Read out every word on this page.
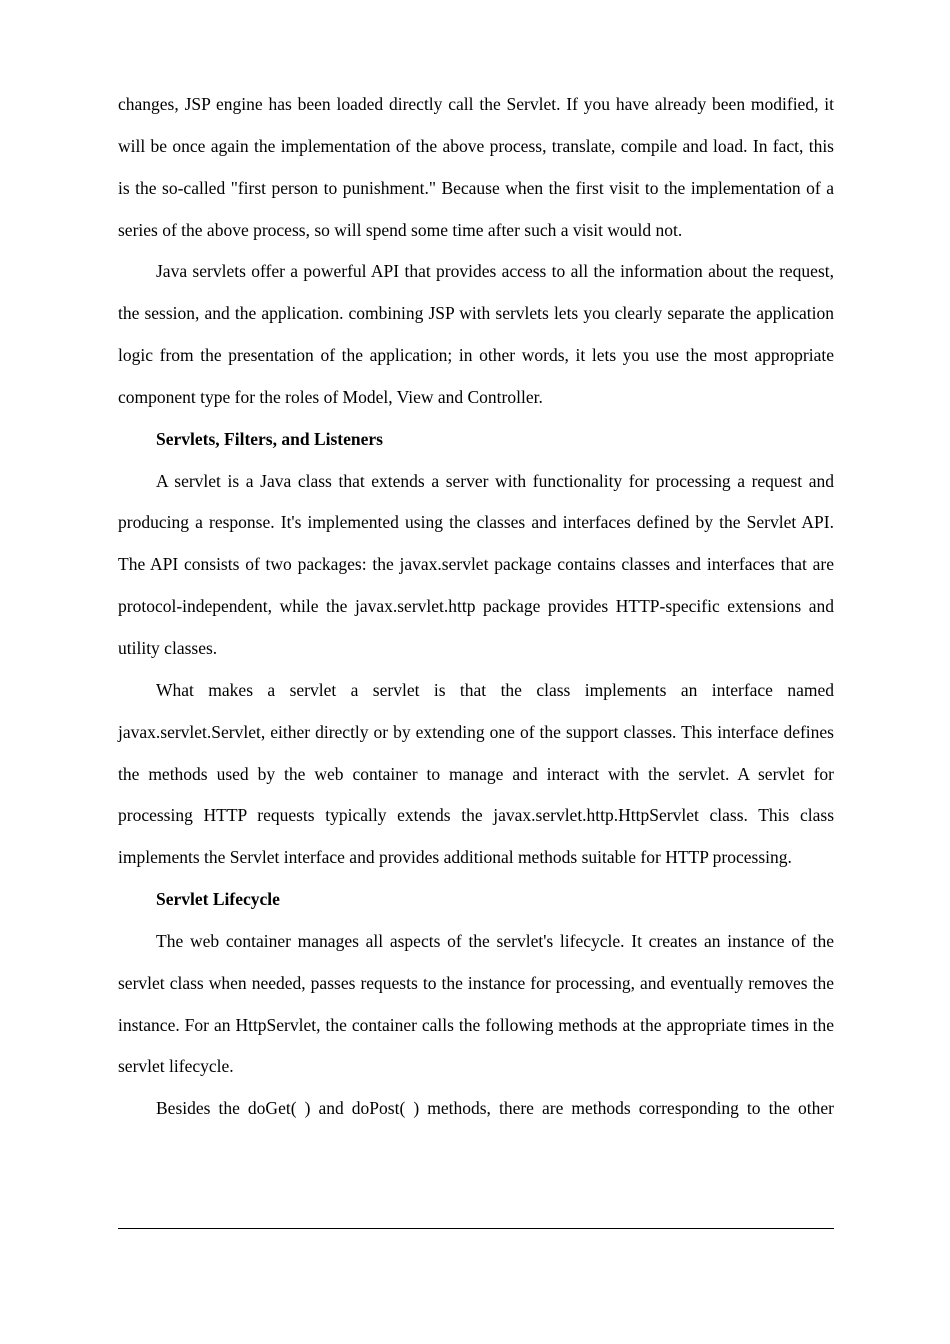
changes, JSP engine has been loaded directly call the Servlet. If you have already been modified, it will be once again the implementation of the above process, translate, compile and load. In fact, this is the so-called "first person to punishment." Because when the first visit to the implementation of a series of the above process, so will spend some time after such a visit would not.

Java servlets offer a powerful API that provides access to all the information about the request, the session, and the application. combining JSP with servlets lets you clearly separate the application logic from the presentation of the application; in other words, it lets you use the most appropriate component type for the roles of Model, View and Controller.

Servlets, Filters, and Listeners

A servlet is a Java class that extends a server with functionality for processing a request and producing a response. It's implemented using the classes and interfaces defined by the Servlet API. The API consists of two packages: the javax.servlet package contains classes and interfaces that are protocol-independent, while the javax.servlet.http package provides HTTP-specific extensions and utility classes.

What makes a servlet a servlet is that the class implements an interface named javax.servlet.Servlet, either directly or by extending one of the support classes. This interface defines the methods used by the web container to manage and interact with the servlet. A servlet for processing HTTP requests typically extends the javax.servlet.http.HttpServlet class. This class implements the Servlet interface and provides additional methods suitable for HTTP processing.

Servlet Lifecycle

The web container manages all aspects of the servlet's lifecycle. It creates an instance of the servlet class when needed, passes requests to the instance for processing, and eventually removes the instance. For an HttpServlet, the container calls the following methods at the appropriate times in the servlet lifecycle.

Besides the doGet( ) and doPost( ) methods, there are methods corresponding to the other
